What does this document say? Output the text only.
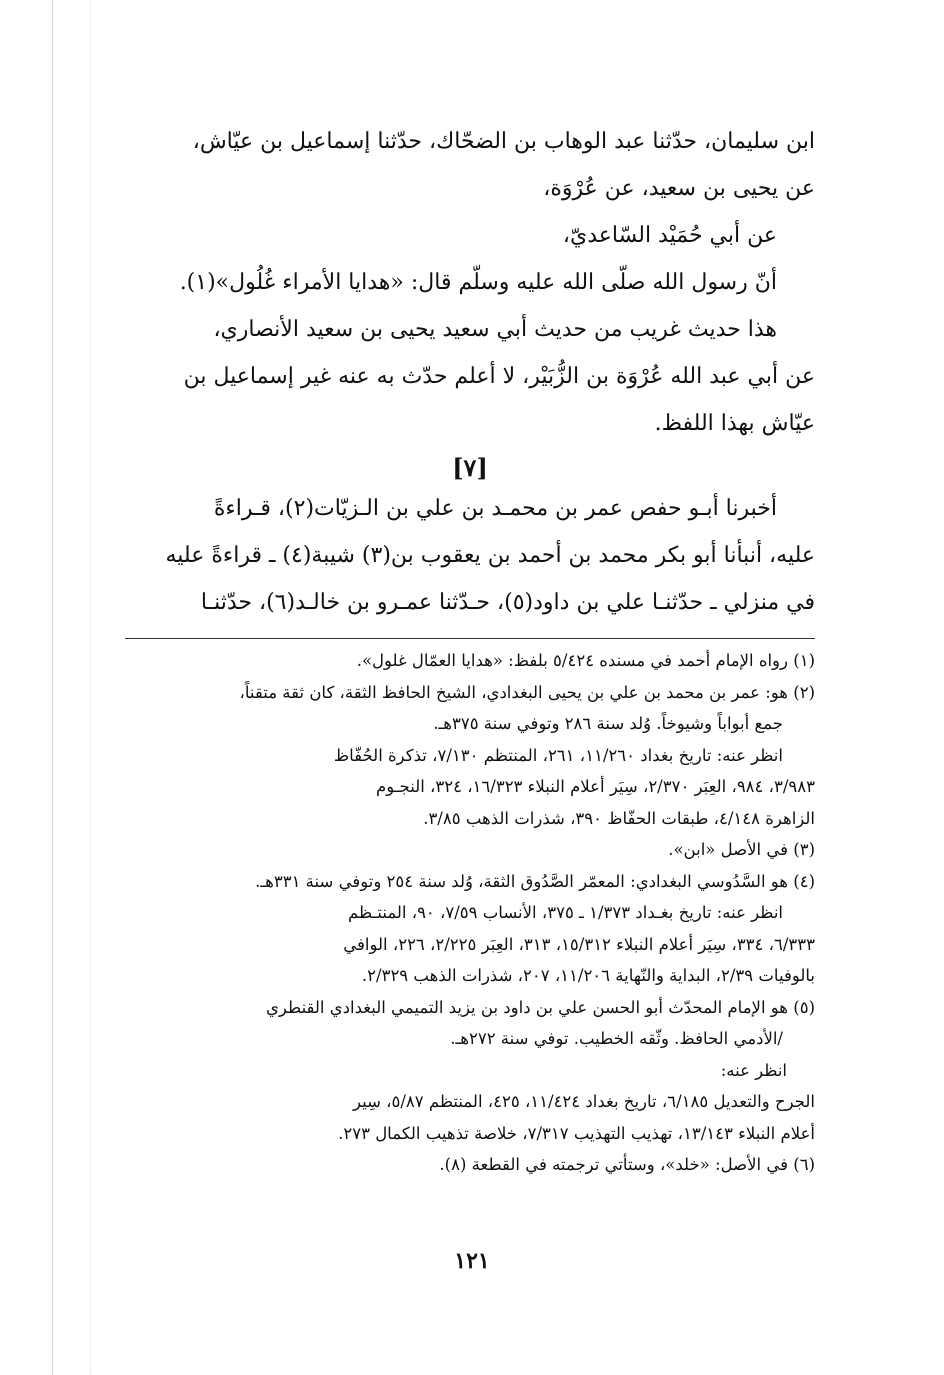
ابن سليمان، حدّثنا عبد الوهاب بن الضحّاك، حدّثنا إسماعيل بن عيّاش،

عن يحيى بن سعيد، عن عُرْوَة،

عن أبي حُمَيْد السّاعديّ،

أنّ رسول الله صلّى الله عليه وسلّم قال: «هدايا الأمراء غُلُول»(١).

هذا حديث غريب من حديث أبي سعيد يحيى بن سعيد الأنصاري،

عن أبي عبد الله عُرْوَة بن الزُّبَيْر، لا أعلم حدّث به عنه غير إسماعيل بن

عيّاش بهذا اللفظ.

[٧]

أخبرنا أبـو حفص عمر بن محمـد بن علي بن الـزيّات(٢)، قـراءةً

عليه، أنبأنا أبو بكر محمد بن أحمد بن يعقوب بن(٣) شيبة(٤) ـ قراءةً عليه

في منزلي ـ حدّثنـا علي بن داود(٥)، حـدّثنا عمـرو بن خالـد(٦)، حدّثنـا

(١) رواه الإمام أحمد في مسنده ٥/٤٢٤ بلفظ: «هدايا العمّال غلول».

(٢) هو: عمر بن محمد بن علي بن يحيى البغدادي، الشيخ الحافظ الثقة، كان ثقة متقناً،

جمع أبواباً وشيوخاً. وُلد سنة ٢٨٦ وتوفي سنة ٣٧٥هـ.

انظر عنه: تاريخ بغداد ١١/٢٦٠، ٢٦١، المنتظم ٧/١٣٠، تذكرة الحُفّاظ

٣/٩٨٣، ٩٨٤، العِبَر ٢/٣٧٠، سِيَر أعلام النبلاء ١٦/٣٢٣، ٣٢٤، النجـوم

الزاهرة ٤/١٤٨، طبقات الحفّاظ ٣٩٠، شذرات الذهب ٣/٨٥.

(٣) في الأصل «ابن».

(٤) هو السَّدُوسي البغدادي: المعمّر الصَّدُوق الثقة، وُلد سنة ٢٥٤ وتوفي سنة ٣٣١هـ.

انظر عنه: تاريخ بغـداد ١/٣٧٣ ـ ٣٧٥، الأنساب ٧/٥٩، ٩٠، المنتـظم

٦/٣٣٣، ٣٣٤، سِيَر أعلام النبلاء ١٥/٣١٢، ٣١٣، العِبَر ٢/٢٢٥، ٢٢٦، الوافي

بالوفيات ٢/٣٩، البداية والنّهاية ١١/٢٠٦، ٢٠٧، شذرات الذهب ٢/٣٢٩.

(٥) هو الإمام المحدّث أبو الحسن علي بن داود بن يزيد التميمي البغدادي القنطري

/الأدمي الحافظ. وثّقه الخطيب. توفي سنة ٢٧٢هـ.

انظر عنه:

الجرح والتعديل ٦/١٨٥، تاريخ بغداد ١١/٤٢٤، ٤٢٥، المنتظم ٥/٨٧، سِير

أعلام النبلاء ١٣/١٤٣، تهذيب التهذيب ٧/٣١٧، خلاصة تذهيب الكمال ٢٧٣.

(٦) في الأصل: «خلد»، وستأتي ترجمته في القطعة (٨).

١٢١
